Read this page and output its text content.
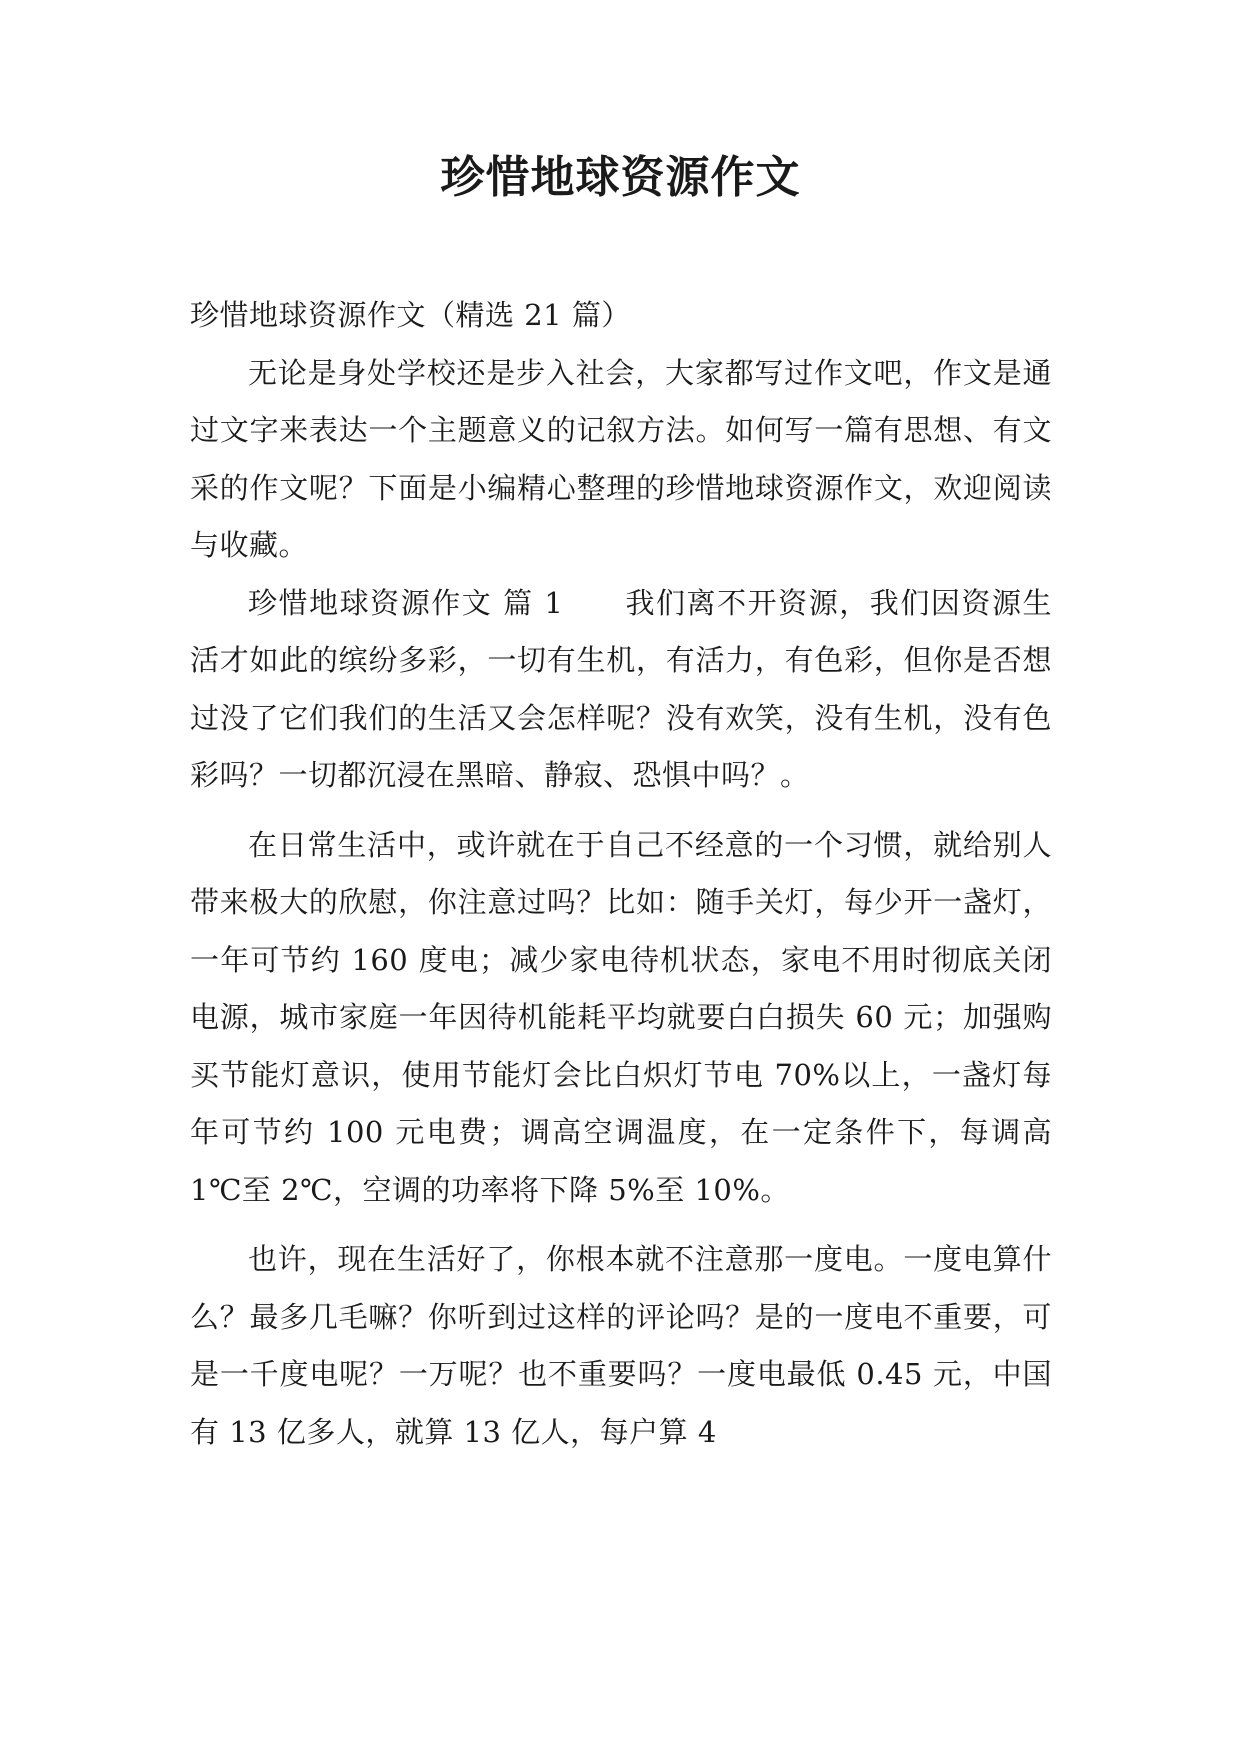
珍惜地球资源作文

珍惜地球资源作文（精选 21 篇）

无论是身处学校还是步入社会，大家都写过作文吧，作文是通过文字来表达一个主题意义的记叙方法。如何写一篇有思想、有文采的作文呢？下面是小编精心整理的珍惜地球资源作文，欢迎阅读与收藏。

珍惜地球资源作文 篇 1　　我们离不开资源，我们因资源生活才如此的缤纷多彩，一切有生机，有活力，有色彩，但你是否想过没了它们我们的生活又会怎样呢？没有欢笑，没有生机，没有色彩吗？一切都沉浸在黑暗、静寂、恐惧中吗？。

在日常生活中，或许就在于自己不经意的一个习惯，就给别人带来极大的欣慰，你注意过吗？比如：随手关灯，每少开一盏灯，一年可节约 160 度电；减少家电待机状态，家电不用时彻底关闭电源，城市家庭一年因待机能耗平均就要白白损失 60 元；加强购买节能灯意识，使用节能灯会比白炽灯节电 70%以上，一盏灯每年可节约 100 元电费；调高空调温度，在一定条件下，每调高 1℃至 2℃，空调的功率将下降 5%至 10%。

也许，现在生活好了，你根本就不注意那一度电。一度电算什么？最多几毛嘛？你听到过这样的评论吗？是的一度电不重要，可是一千度电呢？一万呢？也不重要吗？一度电最低 0.45 元，中国有 13 亿多人，就算 13 亿人，每户算 4
